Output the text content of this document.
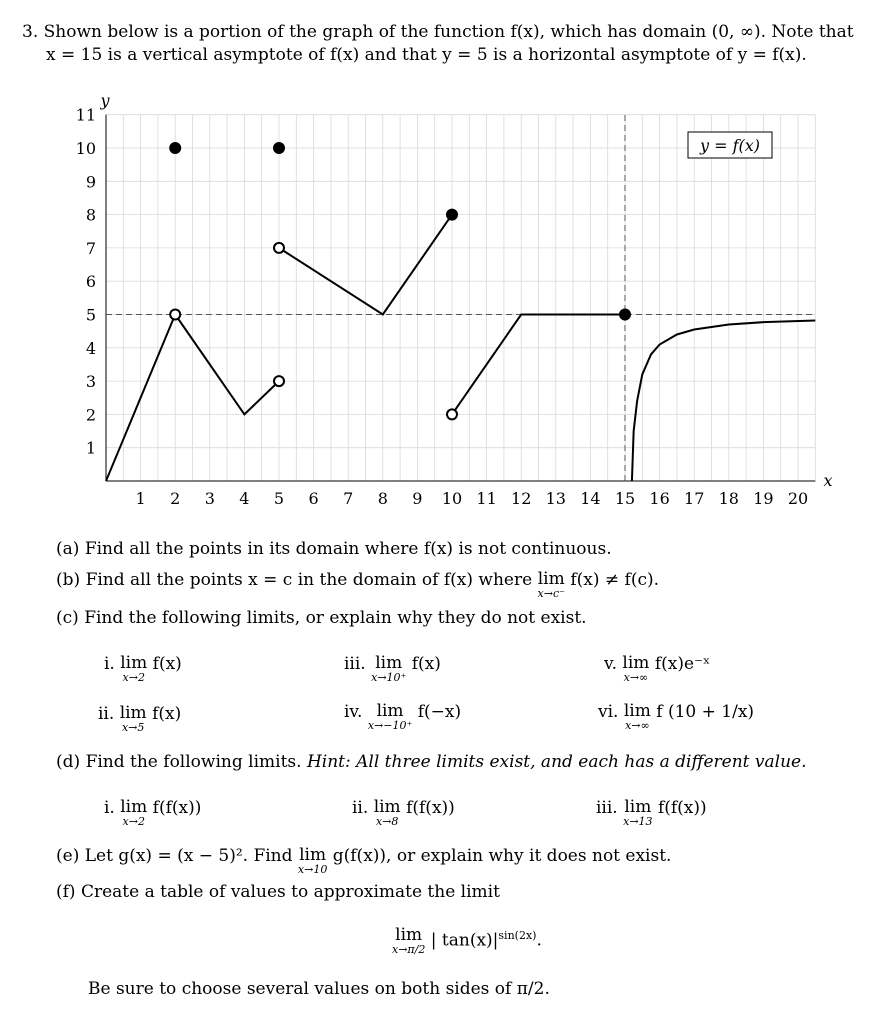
3. Shown below is a portion of the graph of the function f(x), which has domain (0, ∞). Note that
x = 15 is a vertical asymptote of f(x) and that y = 5 is a horizontal asymptote of y = f(x).
1 2 3 4 5 6 7 8 9 10 11 12 13 14 15 16 17 18 19 20
1
2
3
4
5
6
7
8
9
10
11
x
y
y = f(x)
(a) Find all the points in its domain where f(x) is not continuous.
(b) Find all the points x = c in the domain of f(x) where lim
x→c⁻
f(x) ≠ f(c).
(c) Find the following limits, or explain why they do not exist.
i. lim
x→2
f(x)
ii. lim
x→5
f(x)
iii. lim
x→10⁺
f(x)
iv. lim
x→−10⁺
f(−x)
v. lim
x→∞
f(x)e⁻ˣ
vi. lim
x→∞
f (10 + 1/x)
(d) Find the following limits. Hint: All three limits exist, and each has a different value.
i. lim
x→2
f(f(x))	ii. lim
x→8
f(f(x))	iii. lim
x→13
f(f(x))
(e) Let g(x) = (x − 5)². Find lim
x→10
g(f(x)), or explain why it does not exist.
(f) Create a table of values to approximate the limit
lim
x→π/2 | $\tan(x)|^{sin(2x)}$.
Be sure to choose several values on both sides of π/2.
